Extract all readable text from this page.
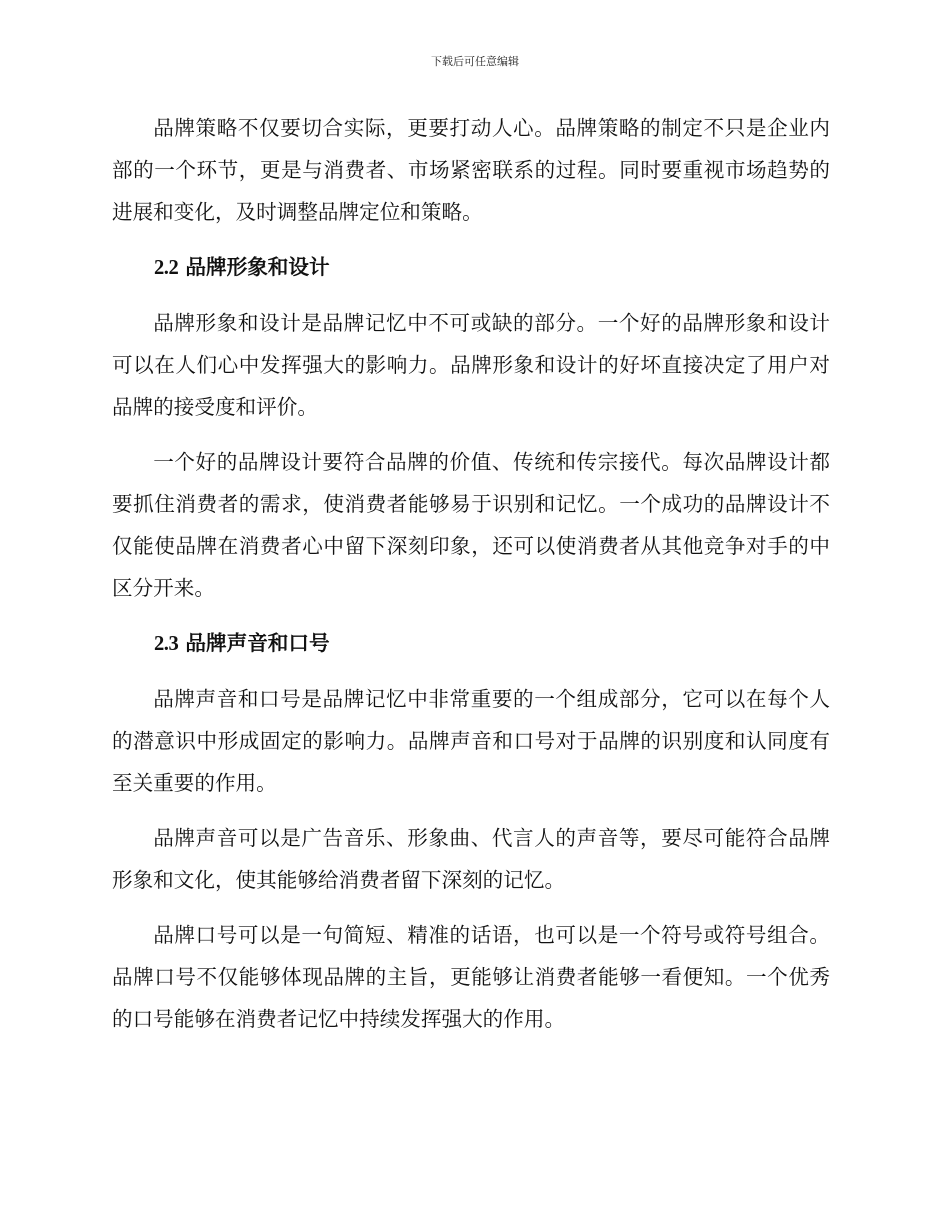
下载后可任意编辑

品牌策略不仅要切合实际，更要打动人心。品牌策略的制定不只是企业内部的一个环节，更是与消费者、市场紧密联系的过程。同时要重视市场趋势的进展和变化，及时调整品牌定位和策略。

2.2 品牌形象和设计

品牌形象和设计是品牌记忆中不可或缺的部分。一个好的品牌形象和设计可以在人们心中发挥强大的影响力。品牌形象和设计的好坏直接决定了用户对品牌的接受度和评价。

一个好的品牌设计要符合品牌的价值、传统和传宗接代。每次品牌设计都要抓住消费者的需求，使消费者能够易于识别和记忆。一个成功的品牌设计不仅能使品牌在消费者心中留下深刻印象，还可以使消费者从其他竞争对手的中区分开来。

2.3 品牌声音和口号

品牌声音和口号是品牌记忆中非常重要的一个组成部分，它可以在每个人的潜意识中形成固定的影响力。品牌声音和口号对于品牌的识别度和认同度有至关重要的作用。

品牌声音可以是广告音乐、形象曲、代言人的声音等，要尽可能符合品牌形象和文化，使其能够给消费者留下深刻的记忆。

品牌口号可以是一句简短、精准的话语，也可以是一个符号或符号组合。品牌口号不仅能够体现品牌的主旨，更能够让消费者能够一看便知。一个优秀的口号能够在消费者记忆中持续发挥强大的作用。
